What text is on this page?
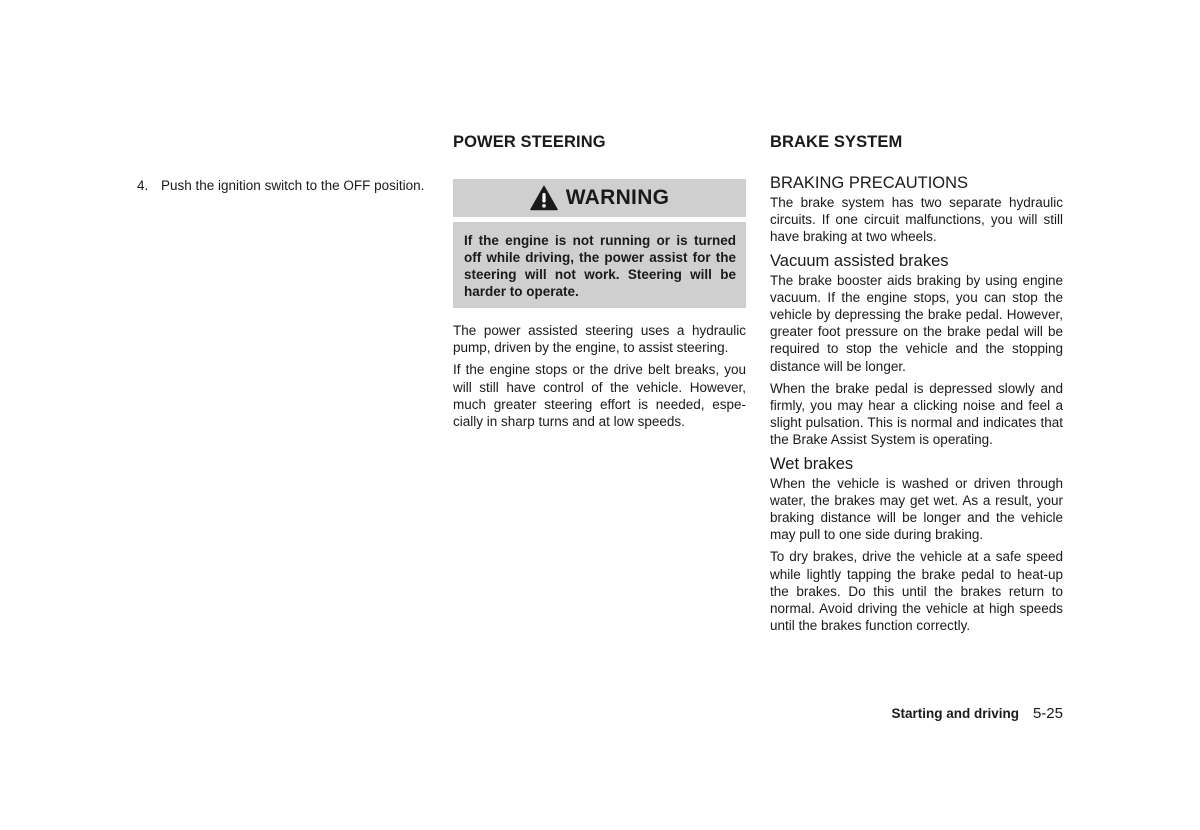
4. Push the ignition switch to the OFF position.
POWER STEERING
WARNING
If the engine is not running or is turned off while driving, the power assist for the steering will not work. Steering will be harder to operate.

The power assisted steering uses a hydraulic pump, driven by the engine, to assist steering.

If the engine stops or the drive belt breaks, you will still have control of the vehicle. However, much greater steering effort is needed, espe-cially in sharp turns and at low speeds.

BRAKE SYSTEM
BRAKING PRECAUTIONS

The brake system has two separate hydraulic circuits. If one circuit malfunctions, you will still have braking at two wheels.

Vacuum assisted brakes

The brake booster aids braking by using engine vacuum. If the engine stops, you can stop the vehicle by depressing the brake pedal. However, greater foot pressure on the brake pedal will be required to stop the vehicle and the stopping distance will be longer.

When the brake pedal is depressed slowly and firmly, you may hear a clicking noise and feel a slight pulsation. This is normal and indicates that the Brake Assist System is operating.

Wet brakes

When the vehicle is washed or driven through water, the brakes may get wet. As a result, your braking distance will be longer and the vehicle may pull to one side during braking.

To dry brakes, drive the vehicle at a safe speed while lightly tapping the brake pedal to heat-up the brakes. Do this until the brakes return to normal. Avoid driving the vehicle at high speeds until the brakes function correctly.

Starting and driving 5-25
